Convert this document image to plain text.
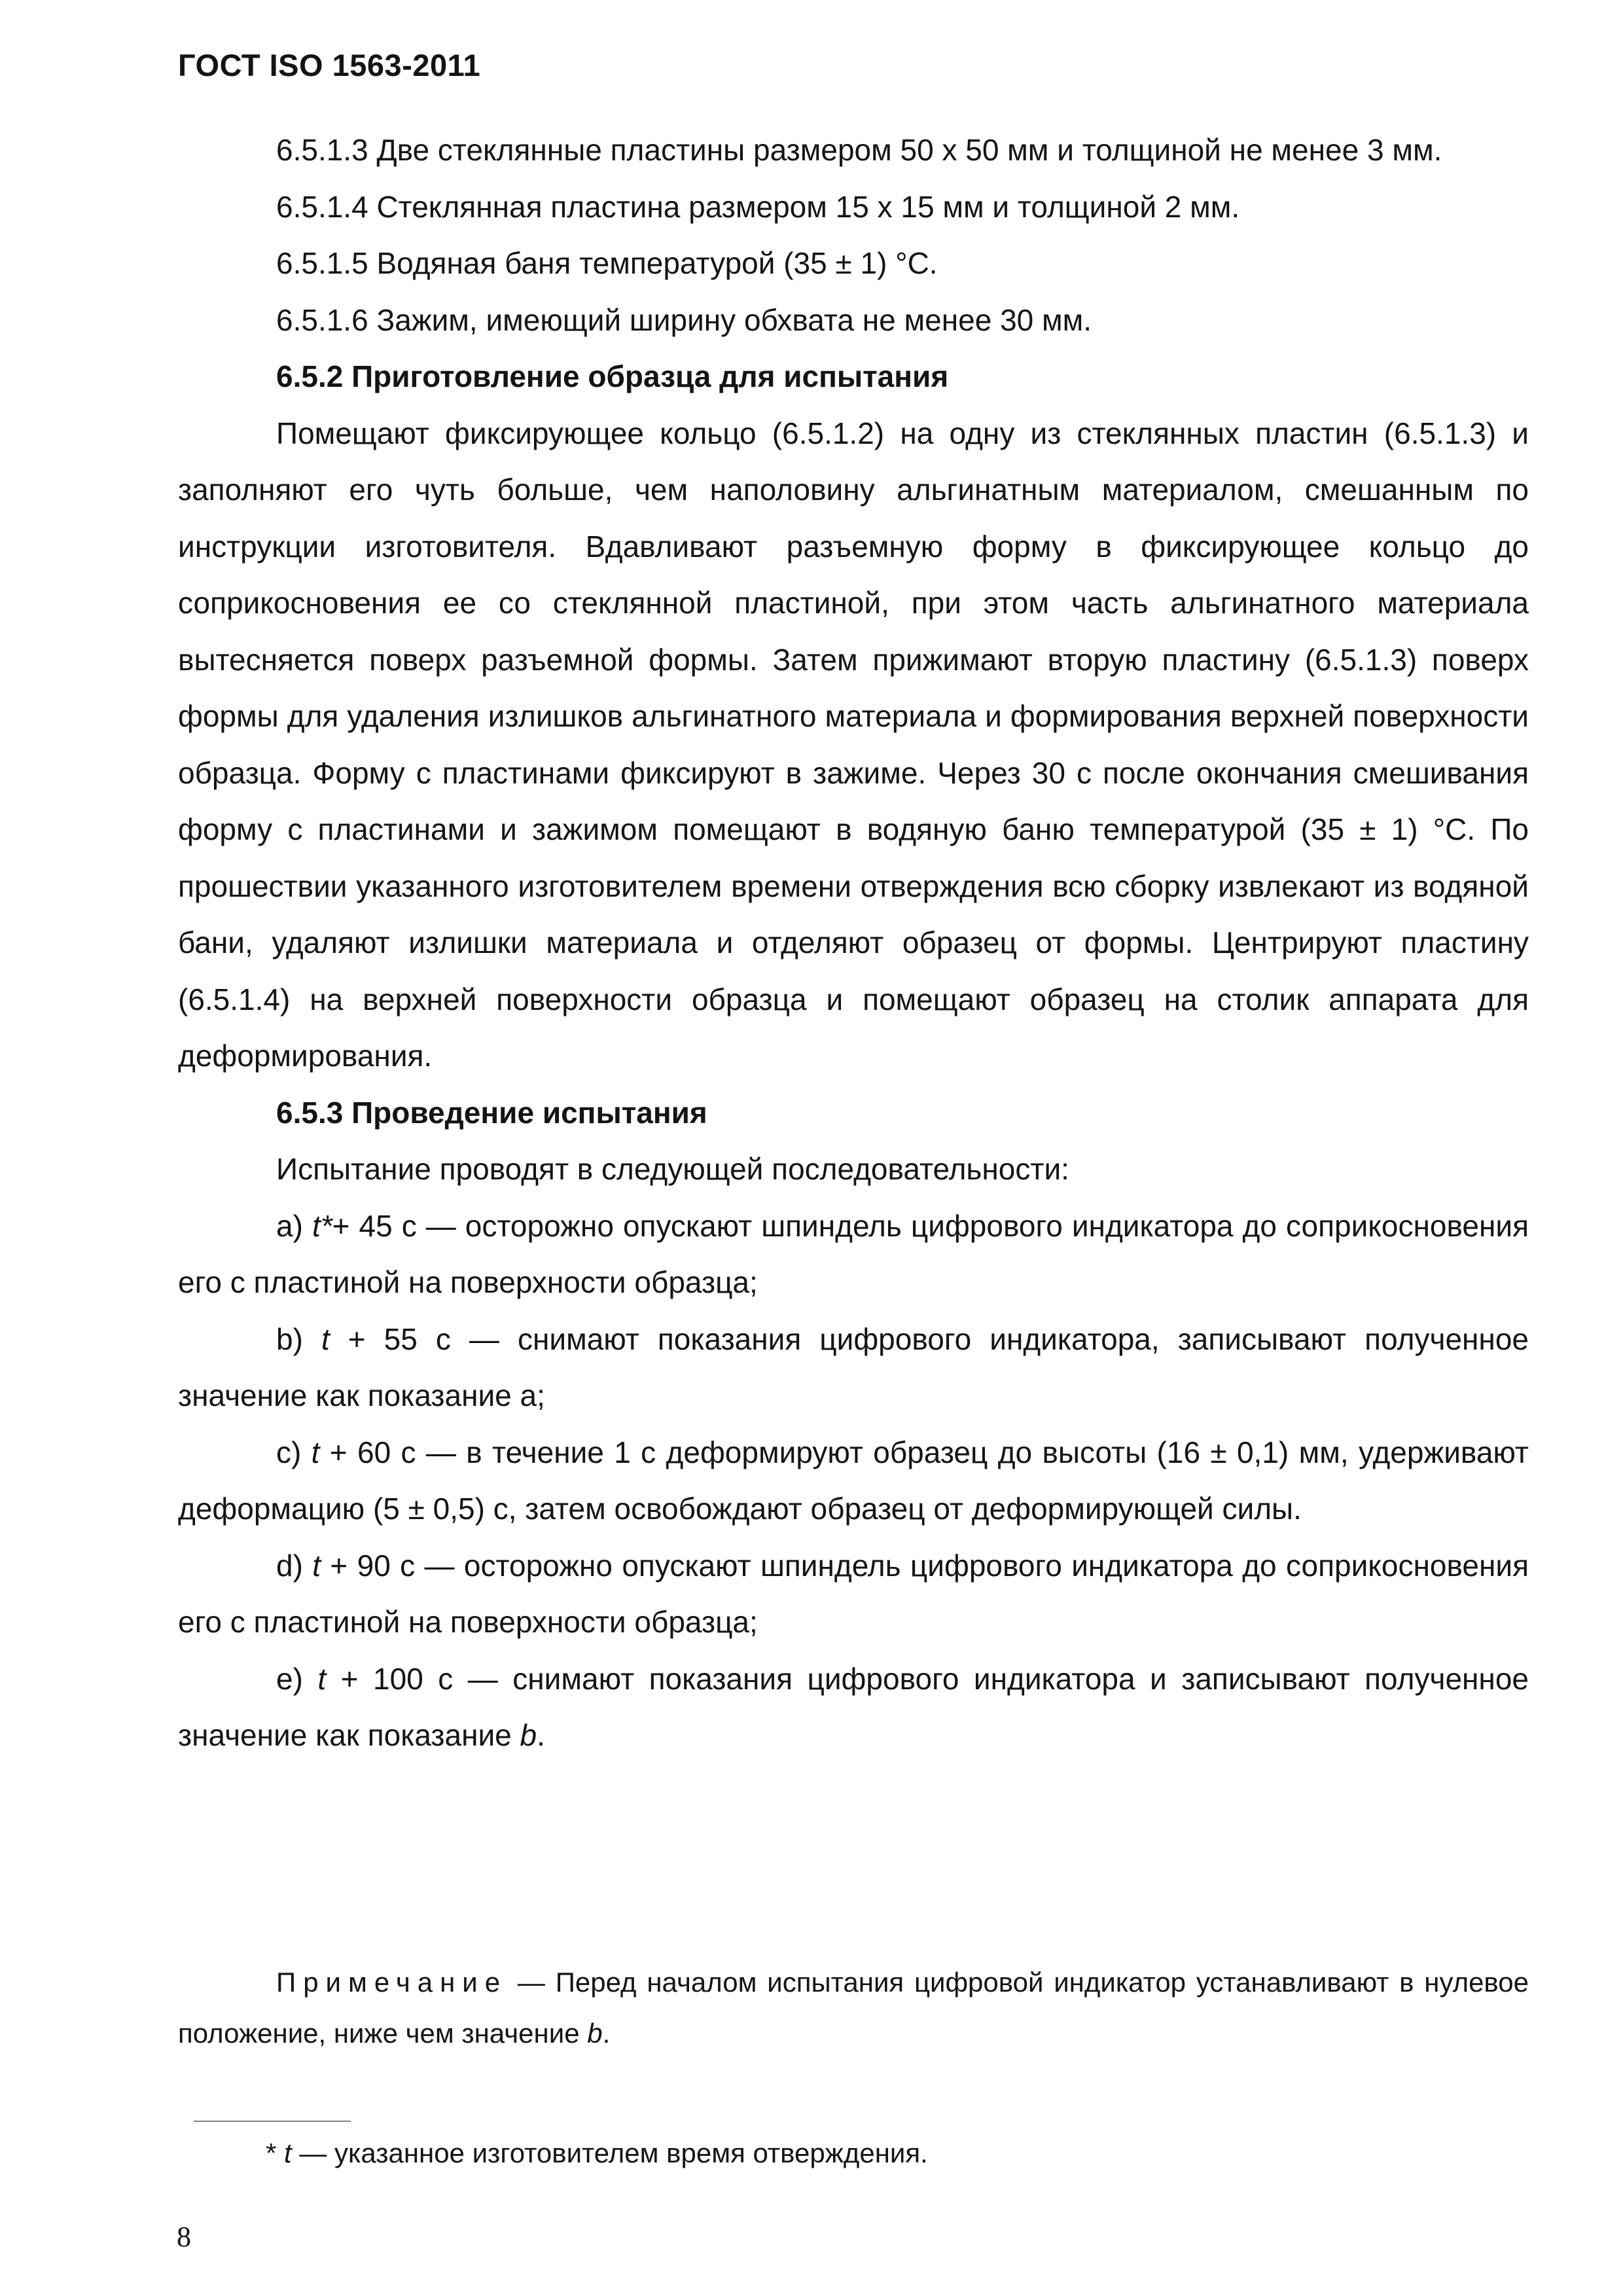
ГОСТ ISO 1563-2011

6.5.1.3 Две стеклянные пластины размером 50 x 50 мм и толщиной не менее 3 мм.

6.5.1.4 Стеклянная пластина размером 15 x 15 мм и толщиной 2 мм.

6.5.1.5 Водяная баня температурой (35 ± 1) °С.

6.5.1.6 Зажим, имеющий ширину обхвата не менее 30 мм.

6.5.2 Приготовление образца для испытания

Помещают фиксирующее кольцо (6.5.1.2) на одну из стеклянных пластин (6.5.1.3) и заполняют его чуть больше, чем наполовину альгинатным материалом, смешанным по инструкции изготовителя. Вдавливают разъемную форму в фиксирующее кольцо до соприкосновения ее со стеклянной пластиной, при этом часть альгинатного материала вытесняется поверх разъемной формы. Затем прижимают вторую пластину (6.5.1.3) поверх формы для удаления излишков альгинатного материала и формирования верхней поверхности образца. Форму с пластинами фиксируют в зажиме. Через 30 с после окончания смешивания форму с пластинами и зажимом помещают в водяную баню температурой (35 ± 1) °С. По прошествии указанного изготовителем времени отверждения всю сборку извлекают из водяной бани, удаляют излишки материала и отделяют образец от формы. Центрируют пластину (6.5.1.4) на верхней поверхности образца и помещают образец на столик аппарата для деформирования.

6.5.3 Проведение испытания

Испытание проводят в следующей последовательности:

a) t*+ 45 с — осторожно опускают шпиндель цифрового индикатора до соприкосновения его с пластиной на поверхности образца;

b) t + 55 с — снимают показания цифрового индикатора, записывают полученное значение как показание a;

c) t + 60 с — в течение 1 с деформируют образец до высоты (16 ± 0,1) мм, удерживают деформацию (5 ± 0,5) с, затем освобождают образец от деформирующей силы.

d) t + 90 с — осторожно опускают шпиндель цифрового индикатора до соприкосновения его с пластиной на поверхности образца;

e) t + 100 с — снимают показания цифрового индикатора и записывают полученное значение как показание b.

Примечание — Перед началом испытания цифровой индикатор устанавливают в нулевое положение, ниже чем значение b.
* t — указанное изготовителем время отверждения.
8
